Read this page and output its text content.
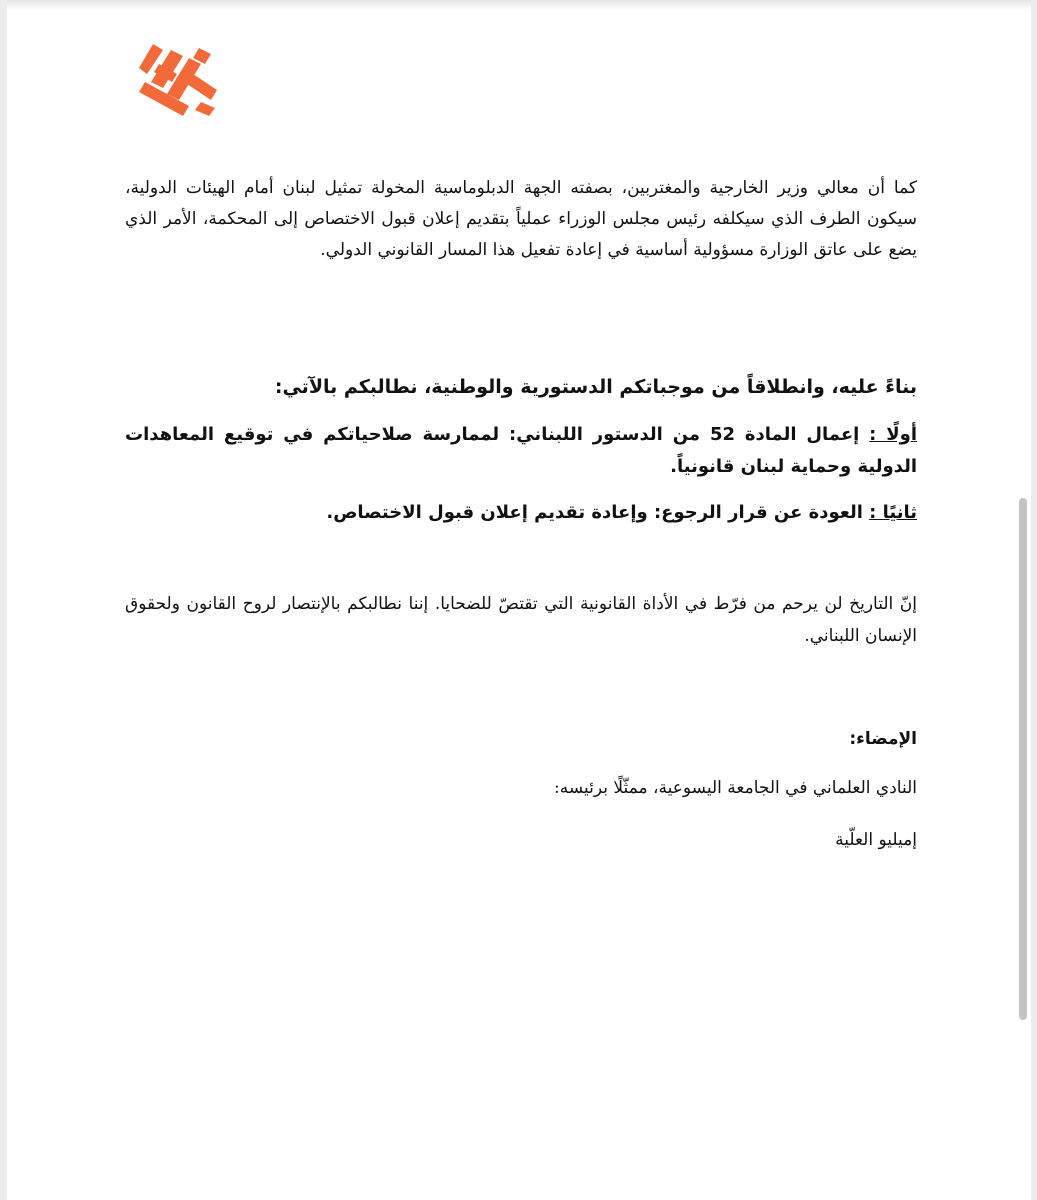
كما أن معالي وزير الخارجية والمغتربين، بصفته الجهة الدبلوماسية المخولة تمثيل لبنان أمام الهيئات الدولية، سيكون الطرف الذي سيكلفه رئيس مجلس الوزراء عملياً بتقديم إعلان قبول الاختصاص إلى المحكمة، الأمر الذي يضع على عاتق الوزارة مسؤولية أساسية في إعادة تفعيل هذا المسار القانوني الدولي.
بناءً عليه، وانطلاقاً من موجباتكم الدستورية والوطنية، نطالبكم بالآتي:
أولًا : إعمال المادة 52 من الدستور اللبناني: لممارسة صلاحياتكم في توقيع المعاهدات الدولية وحماية لبنان قانونياً.
ثانيًا : العودة عن قرار الرجوع: وإعادة تقديم إعلان قبول الاختصاص.
إنّ التاريخ لن يرحم من فرّط في الأداة القانونية التي تقتصّ للضحايا. إننا نطالبكم بالإنتصار لروح القانون ولحقوق الإنسان اللبناني.
الإمضاء:
النادي العلماني في الجامعة اليسوعية، ممثّلًا برئيسه:
إميليو العلّية
